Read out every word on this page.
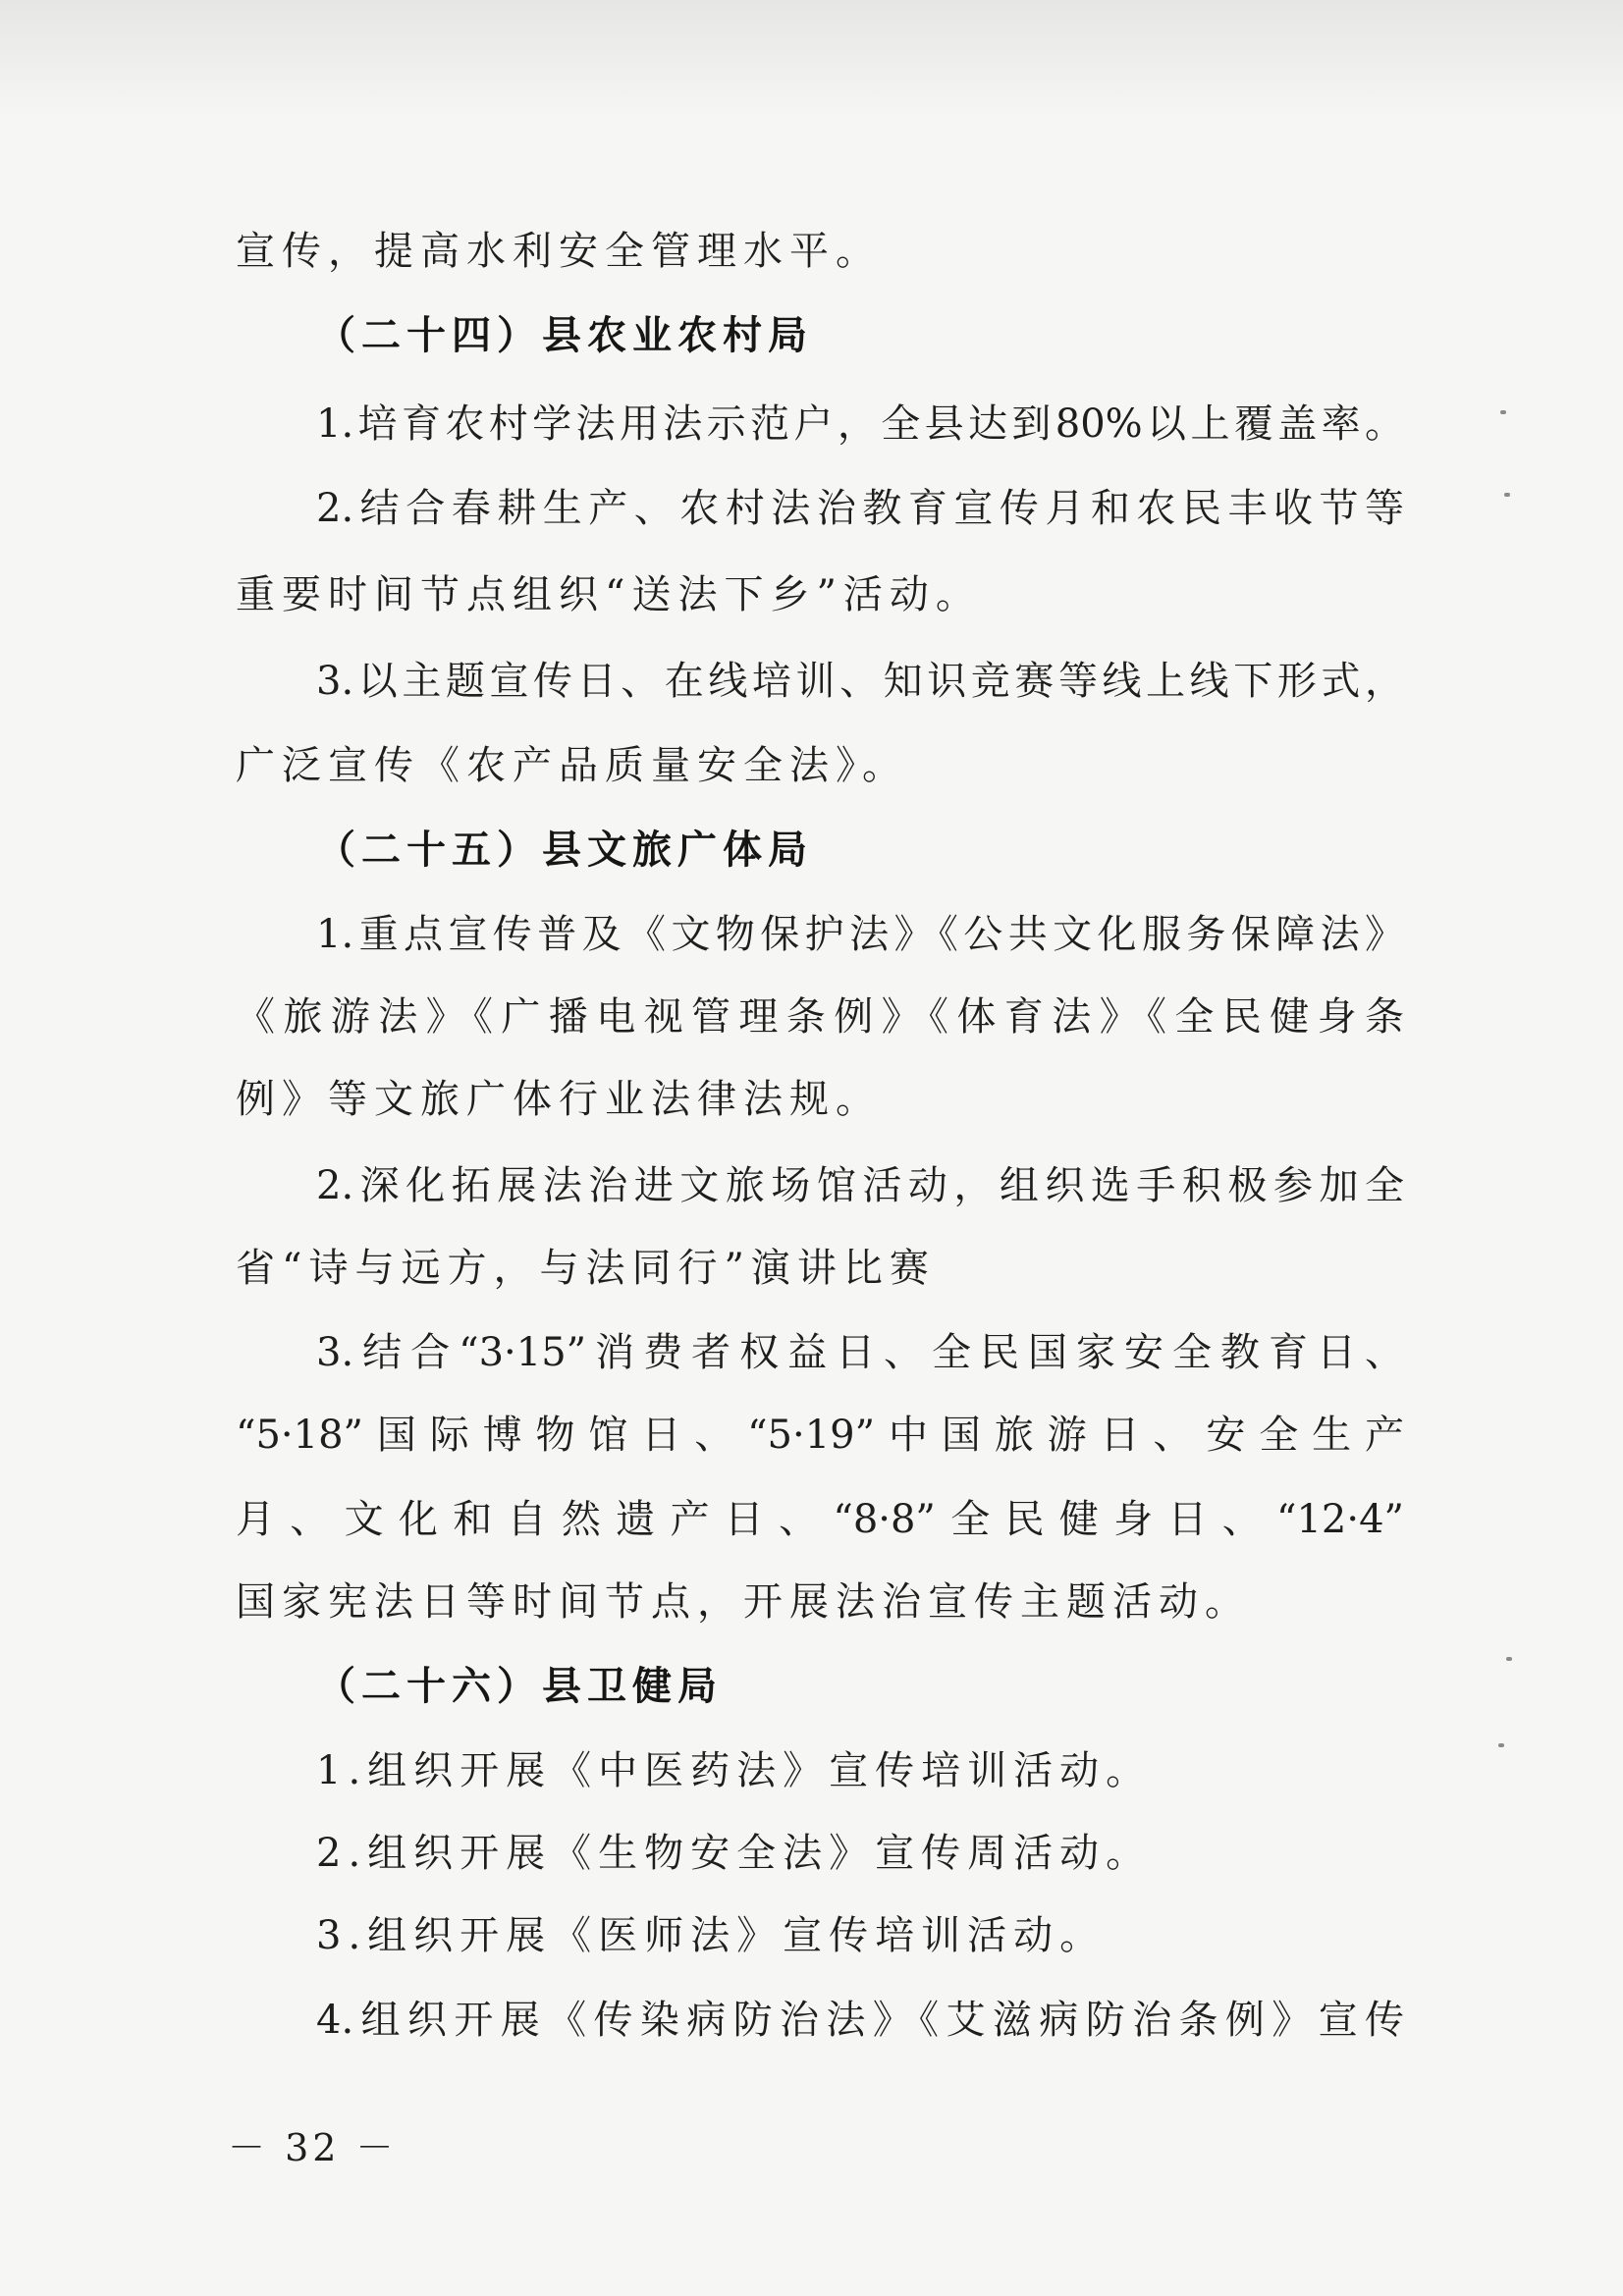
宣传，提高水利安全管理水平。
（二十四）县农业农村局
1.培育农村学法用法示范户，全县达到80%以上覆盖率。
2.结合春耕生产、农村法治教育宣传月和农民丰收节等
重要时间节点组织“送法下乡”活动。
3.以主题宣传日、在线培训、知识竞赛等线上线下形式，
广泛宣传《农产品质量安全法》。
（二十五）县文旅广体局
1.重点宣传普及《文物保护法》《公共文化服务保障法》
《旅游法》《广播电视管理条例》《体育法》《全民健身条
例》等文旅广体行业法律法规。
2.深化拓展法治进文旅场馆活动，组织选手积极参加全
省“诗与远方，与法同行”演讲比赛
3.结合“3·15”消费者权益日、全民国家安全教育日、
“5·18”国际博物馆日、“5·19”中国旅游日、安全生产
月、文化和自然遗产日、“8·8”全民健身日、“12·4”
国家宪法日等时间节点，开展法治宣传主题活动。
（二十六）县卫健局
1.组织开展《中医药法》宣传培训活动。
2.组织开展《生物安全法》宣传周活动。
3.组织开展《医师法》宣传培训活动。
4.组织开展《传染病防治法》《艾滋病防治条例》宣传
－ 32 －
